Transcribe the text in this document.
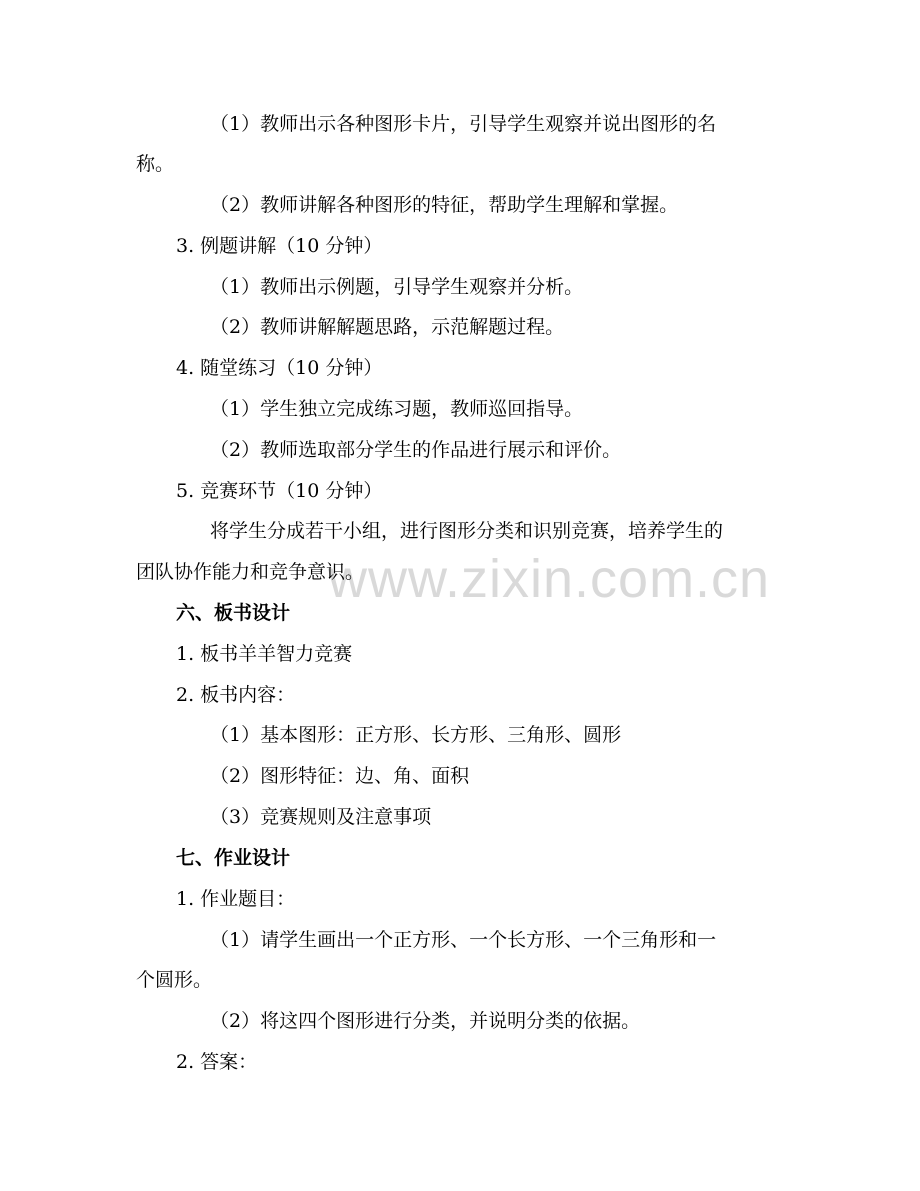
www.zixin.com.cn
（1）教师出示各种图形卡片，引导学生观察并说出图形的名
称。
（2）教师讲解各种图形的特征，帮助学生理解和掌握。
3. 例题讲解（10 分钟）
（1）教师出示例题，引导学生观察并分析。
（2）教师讲解解题思路，示范解题过程。
4. 随堂练习（10 分钟）
（1）学生独立完成练习题，教师巡回指导。
（2）教师选取部分学生的作品进行展示和评价。
5. 竞赛环节（10 分钟）
将学生分成若干小组，进行图形分类和识别竞赛，培养学生的
团队协作能力和竞争意识。
六、板书设计
1. 板书羊羊智力竞赛
2. 板书内容：
（1）基本图形：正方形、长方形、三角形、圆形
（2）图形特征：边、角、面积
（3）竞赛规则及注意事项
七、作业设计
1. 作业题目：
（1）请学生画出一个正方形、一个长方形、一个三角形和一
个圆形。
（2）将这四个图形进行分类，并说明分类的依据。
2. 答案：
